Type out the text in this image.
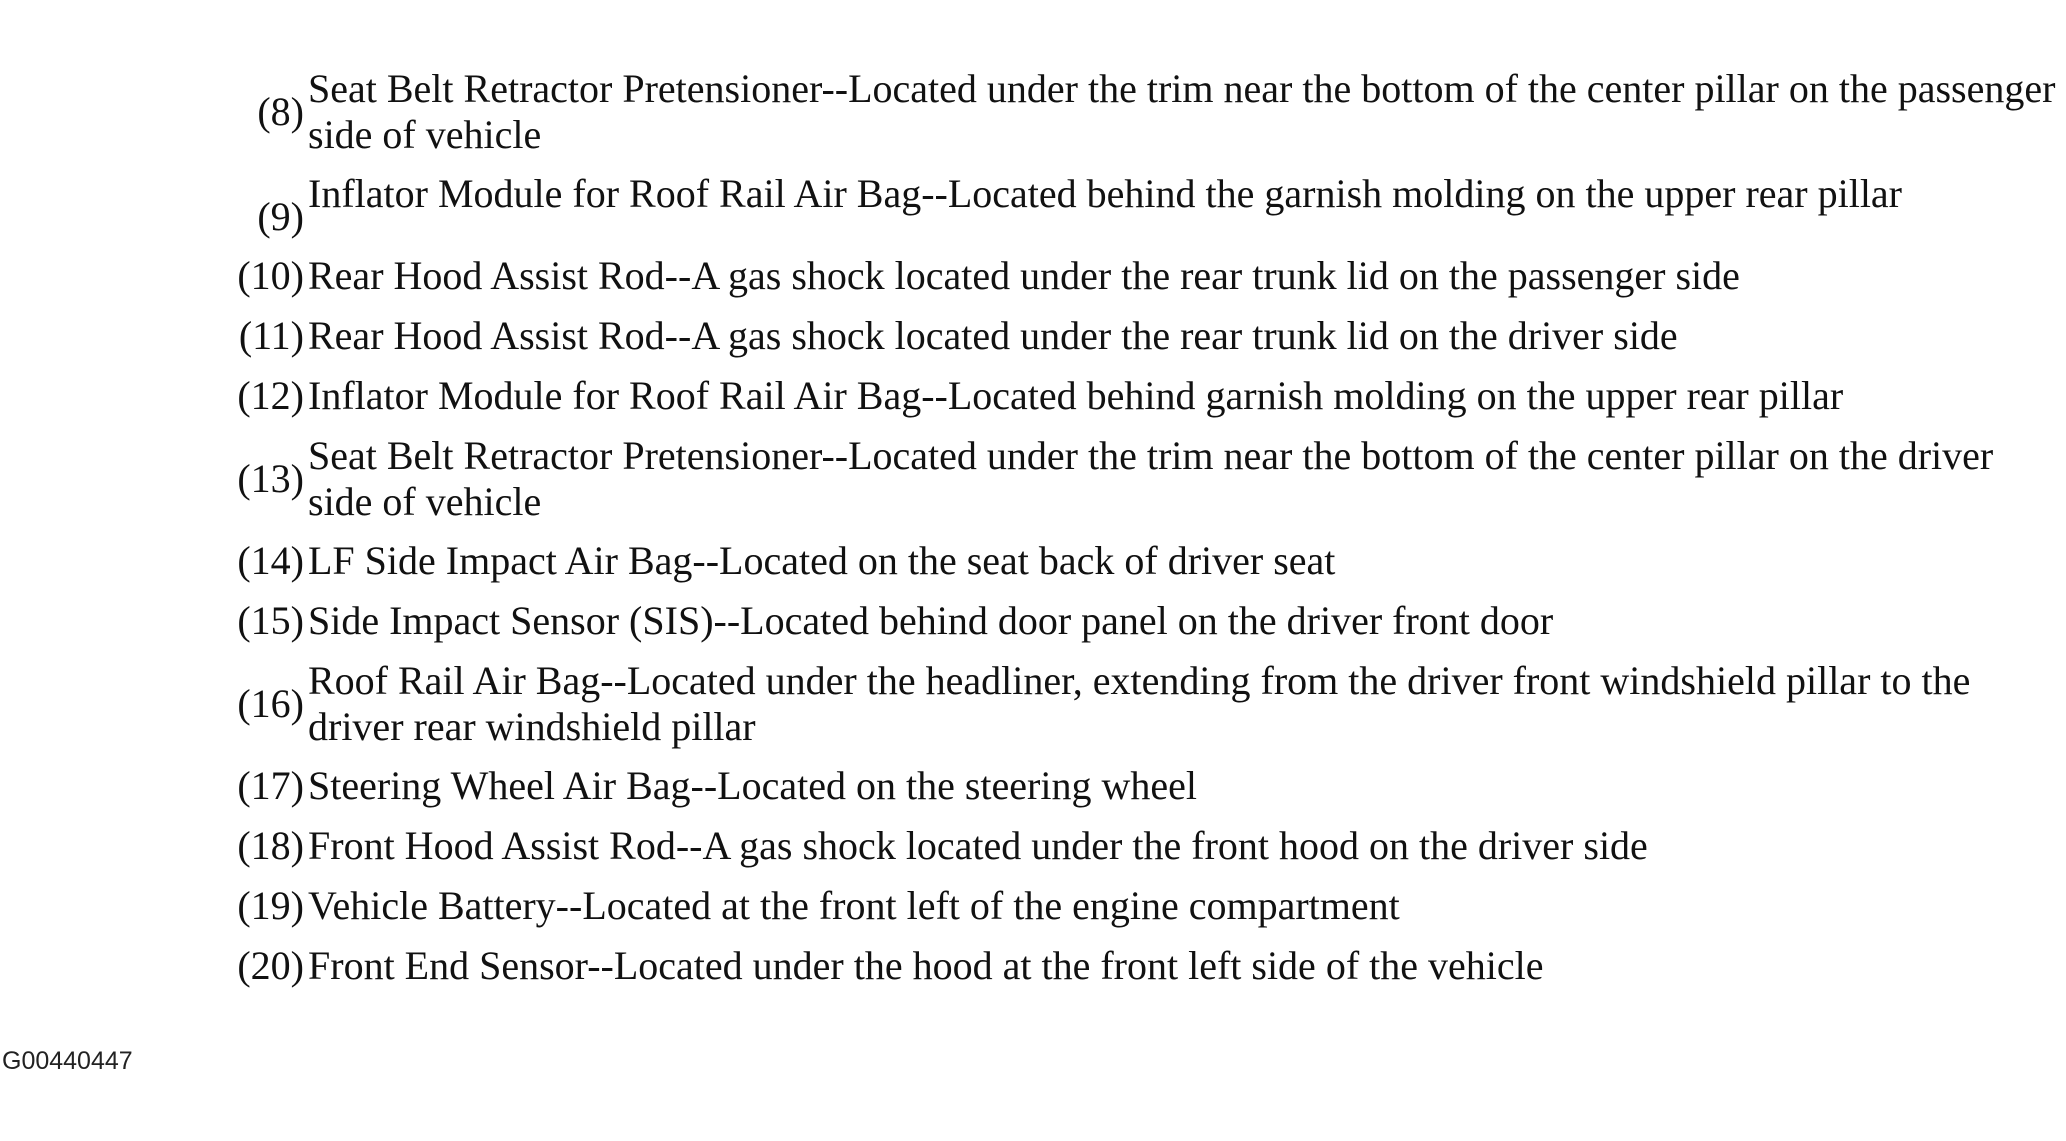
(8)
Seat Belt Retractor Pretensioner--Located under the trim near the bottom of the center pillar on the passenger side of vehicle
(9)
Inflator Module for Roof Rail Air Bag--Located behind the garnish molding on the upper rear pillar
(10) Rear Hood Assist Rod--A gas shock located under the rear trunk lid on the passenger side
(11) Rear Hood Assist Rod--A gas shock located under the rear trunk lid on the driver side
(12) Inflator Module for Roof Rail Air Bag--Located behind garnish molding on the upper rear pillar
(13)
Seat Belt Retractor Pretensioner--Located under the trim near the bottom of the center pillar on the driver side of vehicle
(14) LF Side Impact Air Bag--Located on the seat back of driver seat
(15) Side Impact Sensor (SIS)--Located behind door panel on the driver front door
(16)
Roof Rail Air Bag--Located under the headliner, extending from the driver front windshield pillar to the driver rear windshield pillar
(17) Steering Wheel Air Bag--Located on the steering wheel
(18) Front Hood Assist Rod--A gas shock located under the front hood on the driver side
(19) Vehicle Battery--Located at the front left of the engine compartment
(20) Front End Sensor--Located under the hood at the front left side of the vehicle
G00440447
